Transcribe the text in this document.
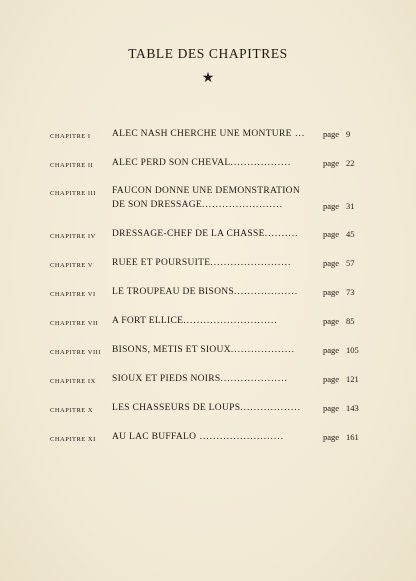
TABLE DES CHAPITRES
★
CHAPITRE I	ALEC NASH CHERCHE UNE MONTURE ...	page 9
CHAPITRE II	ALEC PERD SON CHEVAL..................	page 22
CHAPITRE III	FAUCON DONNE UNE DÉMONSTRATION
DE SON DRESSAGE........................	page 31
CHAPITRE IV	DRESSAGE-CHEF DE LA CHASSE..........	page 45
CHAPITRE V	RUÉE ET POURSUITE........................	page 57
CHAPITRE VI	LE TROUPEAU DE BISONS...................	page 73
CHAPITRE VII	A FORT ELLICE............................	page 85
CHAPITRE VIII	BISONS, MÉTIS ET SIOUX...................	page 105
CHAPITRE IX	SIOUX ET PIEDS NOIRS....................	page 121
CHAPITRE X	LES CHASSEURS DE LOUPS..................	page 143
CHAPITRE XI	AU LAC BUFFALO .........................	page 161
